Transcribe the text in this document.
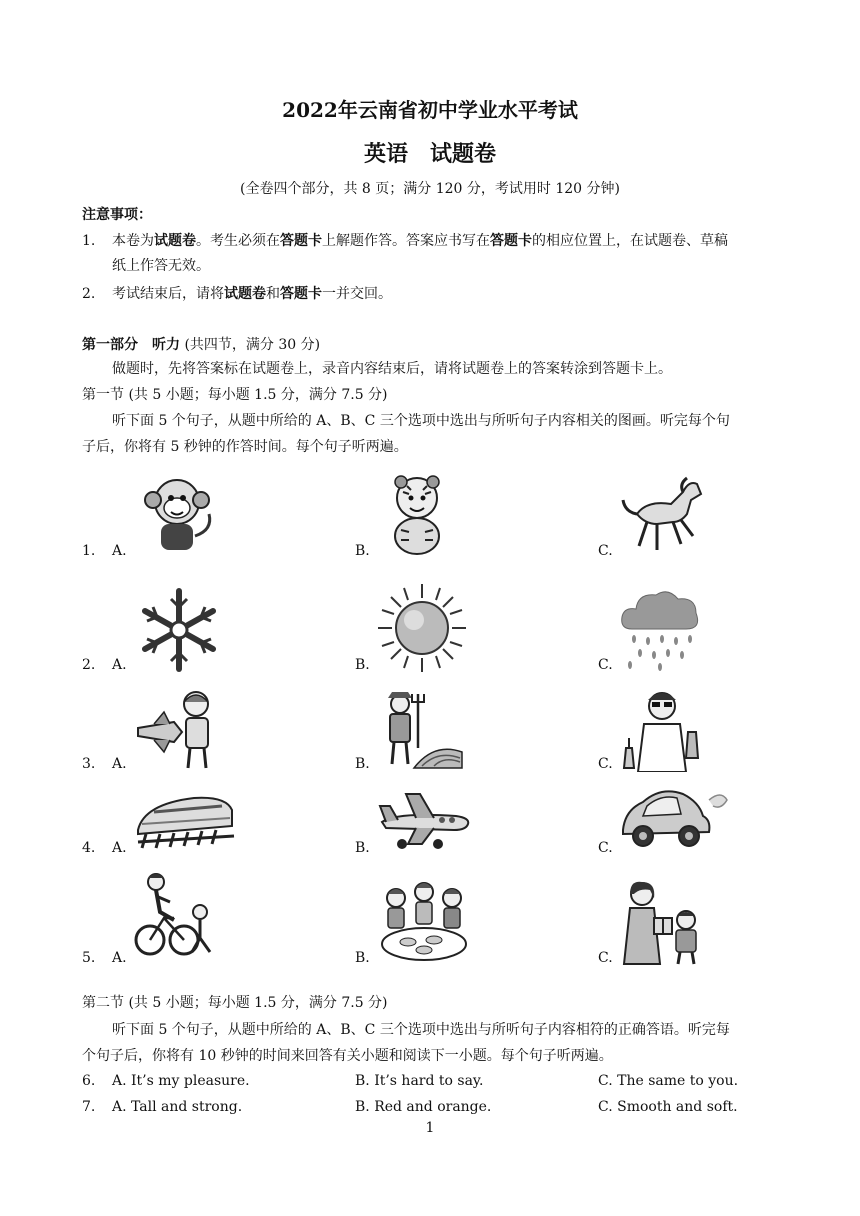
2022年云南省初中学业水平考试
英语　试题卷
(全卷四个部分，共 8 页；满分 120 分，考试用时 120 分钟)
注意事项：
1. 本卷为试题卷。考生必须在答题卡上解题作答。答案应书写在答题卡的相应位置上，在试题卷、草稿
纸上作答无效。
2. 考试结束后，请将试题卷和答题卡一并交回。
第一部分　听力 (共四节，满分 30 分)
做题时，先将答案标在试题卷上，录音内容结束后，请将试题卷上的答案转涂到答题卡上。
第一节 (共 5 小题；每小题 1.5 分，满分 7.5 分)
听下面 5 个句子，从题中所给的 A、B、C 三个选项中选出与所听句子内容相关的图画。听完每个句
子后，你将有 5 秒钟的作答时间。每个句子听两遍。
1. A.	B.	C.
2. A.	B.	C.
3. A.	B.	C.
4. A.	B.	C.
5. A.	B.	C.
第二节 (共 5 小题；每小题 1.5 分，满分 7.5 分)
听下面 5 个句子，从题中所给的 A、B、C 三个选项中选出与所听句子内容相符的正确答语。听完每
个句子后，你将有 10 秒钟的时间来回答有关小题和阅读下一小题。每个句子听两遍。
6. A. It’s my pleasure.	B. It’s hard to say.	C. The same to you.
7. A. Tall and strong.	B. Red and orange.	C. Smooth and soft.
1
